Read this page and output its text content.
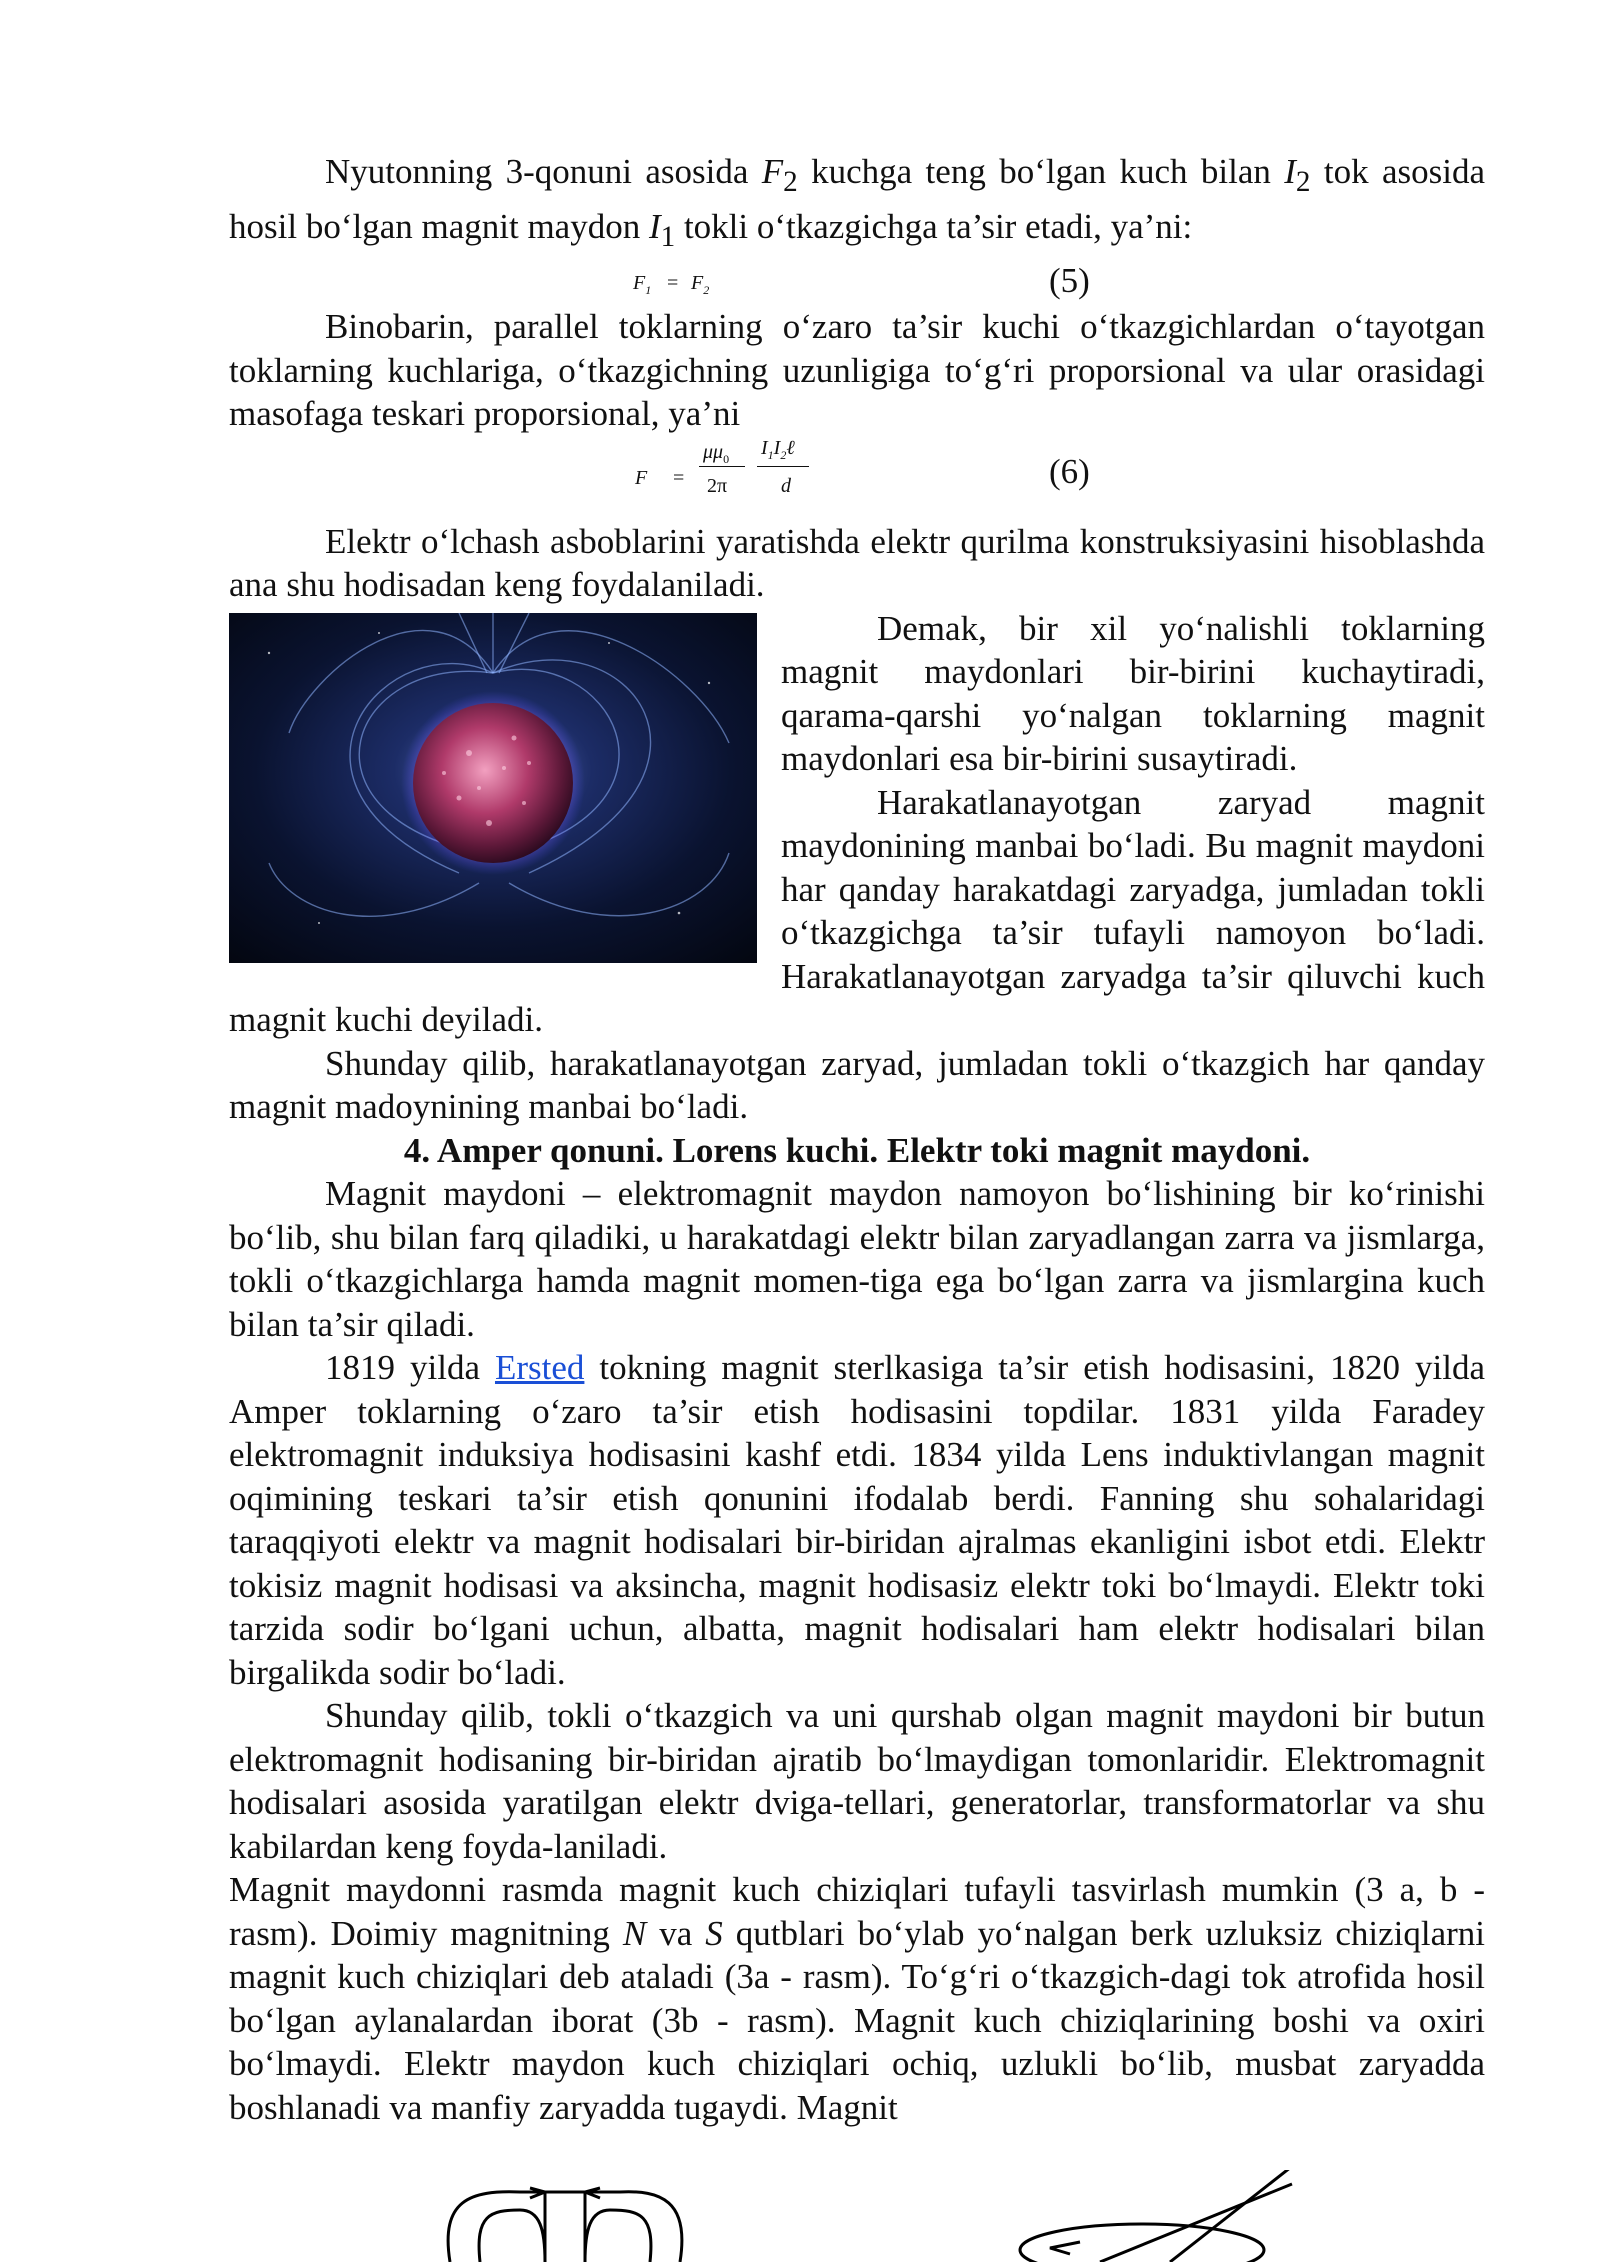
Nyutonning 3-qonuni asosida $F_2$ kuchga teng bo‘lgan kuch bilan $I_2$ tok asosida hosil bo‘lgan magnit maydon $I_1$ tokli o‘tkazgichga ta’sir etadi, ya’ni:

$F_1 = F_2$	(5)

Binobarin, parallel toklarning o‘zaro ta’sir kuchi o‘tkazgichlardan o‘tayotgan toklarning kuchlariga, o‘tkazgichning uzunligiga to‘g‘ri proporsional va ular orasidagi masofaga teskari proporsional, ya’ni

F =
$\mu\mu_0$
2π
$I_1I_2\ell$
d	(6)

Elektr o‘lchash asboblarini yaratishda elektr qurilma konstruksiyasini hisoblashda ana shu hodisadan keng foydalaniladi.

Demak, bir xil yo‘nalishli toklarning magnit maydonlari bir-birini kuchaytiradi, qarama-qarshi yo‘nalgan toklarning magnit maydonlari esa bir-birini susaytiradi.

Harakatlanayotgan zaryad magnit maydonining manbai bo‘ladi. Bu magnit maydoni har qanday harakatdagi zaryadga, jumladan tokli o‘tkazgichga ta’sir tufayli namoyon bo‘ladi. Harakatlanayotgan zaryadga ta’sir qiluvchi kuch magnit kuchi deyiladi.

Shunday qilib, harakatlanayotgan zaryad, jumladan tokli o‘tkazgich har qanday magnit madoynining manbai bo‘ladi.

4. Amper qonuni. Lorens kuchi. Elektr toki magnit maydoni.

Magnit maydoni – elektromagnit maydon namoyon bo‘lishining bir ko‘rinishi bo‘lib, shu bilan farq qiladiki, u harakatdagi elektr bilan zaryadlangan zarra va jismlarga, tokli o‘tkazgichlarga hamda magnit momen-tiga ega bo‘lgan zarra va jismlargina kuch bilan ta’sir qiladi.

1819 yilda Ersted tokning magnit sterlkasiga ta’sir etish hodisasini, 1820 yilda Amper toklarning o‘zaro ta’sir etish hodisasini topdilar. 1831 yilda Faradey elektromagnit induksiya hodisasini kashf etdi. 1834 yilda Lens induktivlangan magnit oqimining teskari ta’sir etish qonunini ifodalab berdi. Fanning shu sohalaridagi taraqqiyoti elektr va magnit hodisalari bir-biridan ajralmas ekanligini isbot etdi. Elektr tokisiz magnit hodisasi va aksincha, magnit hodisasiz elektr toki bo‘lmaydi. Elektr toki tarzida sodir bo‘lgani uchun, albatta, magnit hodisalari ham elektr hodisalari bilan birgalikda sodir bo‘ladi.

Shunday qilib, tokli o‘tkazgich va uni qurshab olgan magnit maydoni bir butun elektromagnit hodisaning bir-biridan ajratib bo‘lmaydigan tomonlaridir. Elektromagnit hodisalari asosida yaratilgan elektr dviga-tellari, generatorlar, transformatorlar va shu kabilardan keng foyda-laniladi.

Magnit maydonni rasmda magnit kuch chiziqlari tufayli tasvirlash mumkin (3 a, b - rasm). Doimiy magnitning N va S qutblari bo‘ylab yo‘nalgan berk uzluksiz chiziqlarni magnit kuch chiziqlari deb ataladi (3a - rasm). To‘g‘ri o‘tkazgich-dagi tok atrofida hosil bo‘lgan aylanalardan iborat (3b - rasm). Magnit kuch chiziqlarining boshi va oxiri bo‘lmaydi. Elektr maydon kuch chiziqlari ochiq, uzlukli bo‘lib, musbat zaryadda boshlanadi va manfiy zaryadda tugaydi. Magnit
